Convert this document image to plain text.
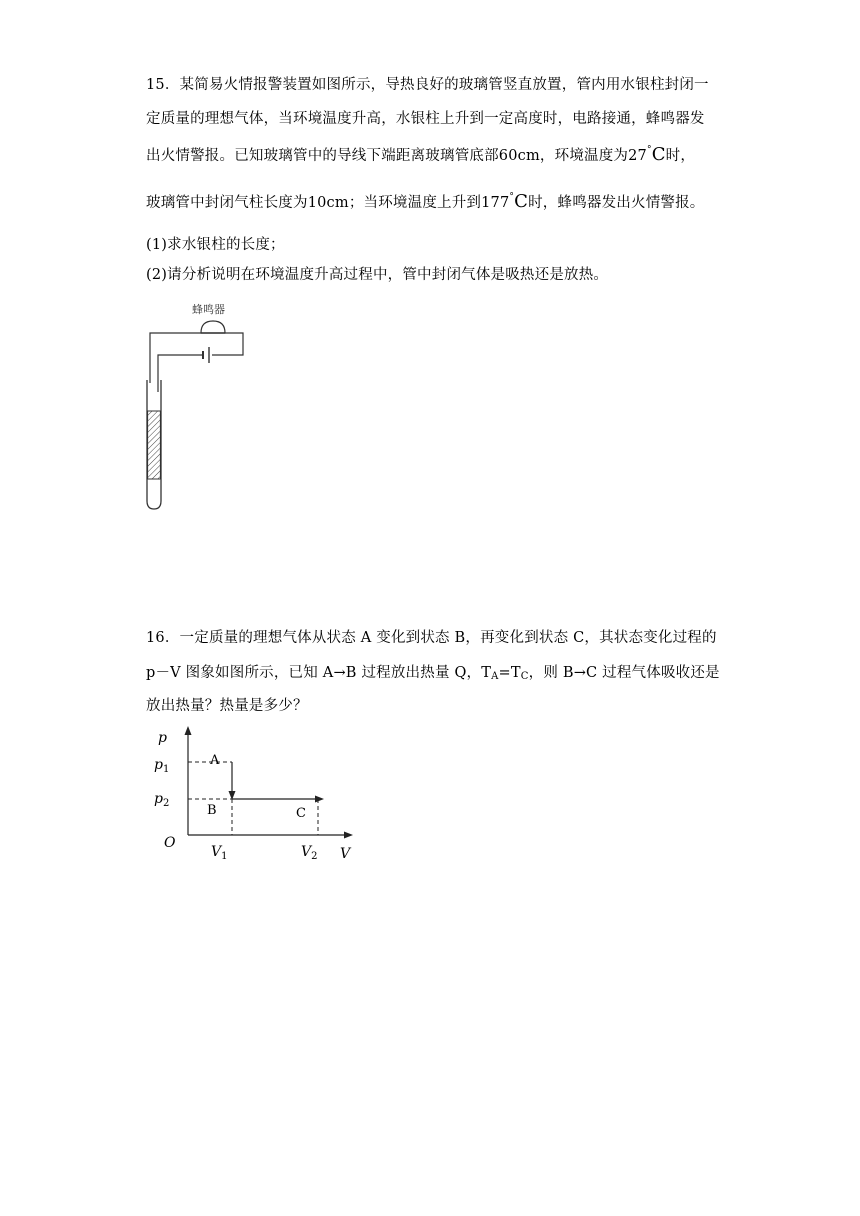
15．某简易火情报警装置如图所示，导热良好的玻璃管竖直放置，管内用水银柱封闭一
定质量的理想气体，当环境温度升高，水银柱上升到一定高度时，电路接通，蜂鸣器发
出火情警报。已知玻璃管中的导线下端距离玻璃管底部60cm，环境温度为27°C时，
玻璃管中封闭气柱长度为10cm；当环境温度上升到177°C时，蜂鸣器发出火情警报。
(1)求水银柱的长度；
(2)请分析说明在环境温度升高过程中，管中封闭气体是吸热还是放热。
蜂鸣器
16．一定质量的理想气体从状态 A 变化到状态 B，再变化到状态 C，其状态变化过程的
p－V 图象如图所示，已知 A→B 过程放出热量 Q，TA=TC，则 B→C 过程气体吸收还是
放出热量？热量是多少？
p
$p_1$
$p_2$
O
$V_1$	$V_2$ V
A
B	C
